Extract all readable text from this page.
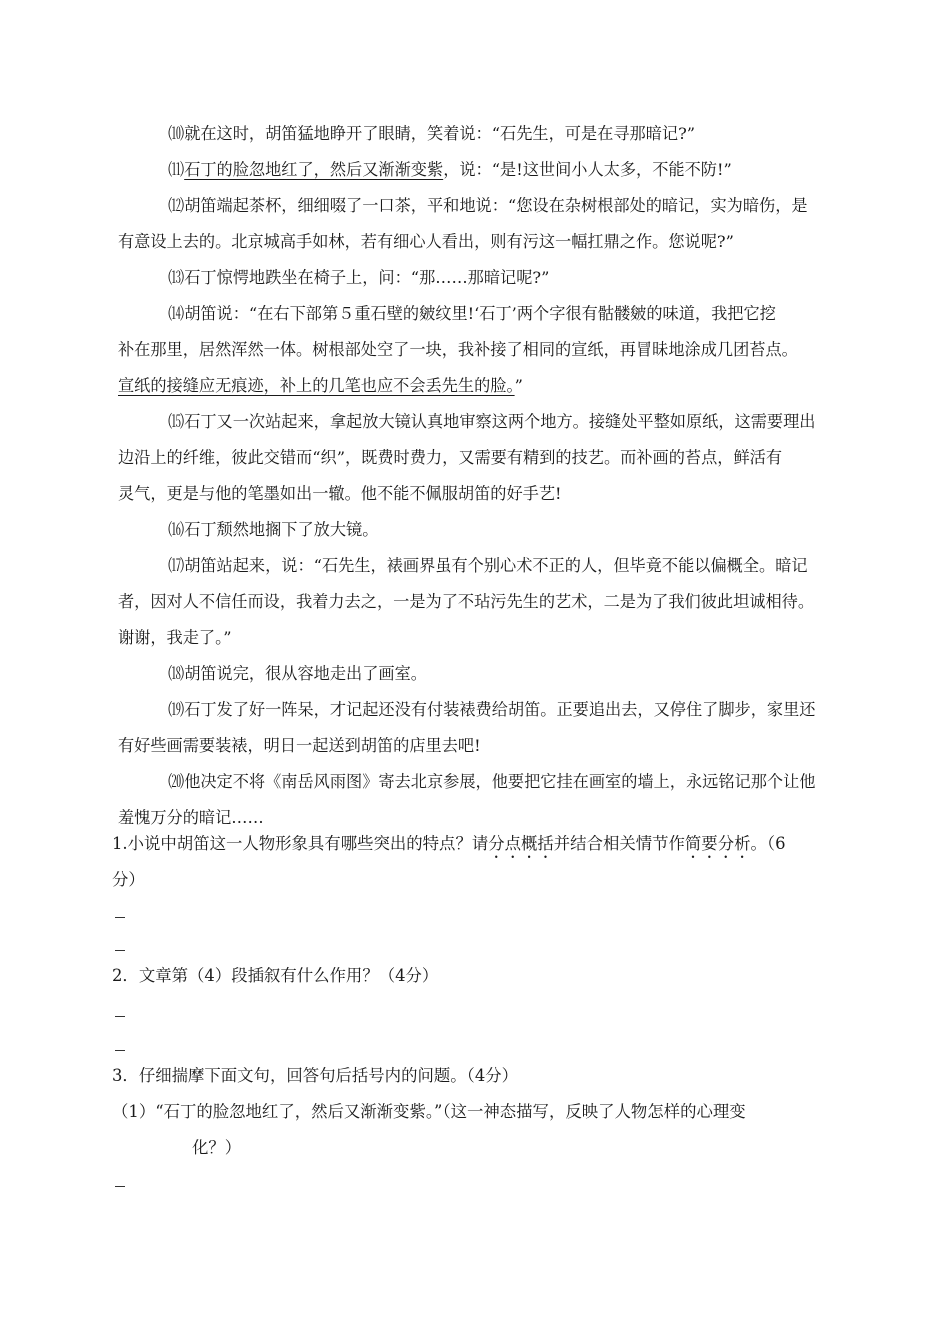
⑽就在这时，胡笛猛地睁开了眼睛，笑着说：“石先生，可是在寻那暗记?”
⑾石丁的脸忽地红了，然后又渐渐变紫，说：“是!这世间小人太多，不能不防!”
⑿胡笛端起茶杯，细细啜了一口茶，平和地说：“您设在杂树根部处的暗记，实为暗伤，是
有意设上去的。北京城高手如林，若有细心人看出，则有污这一幅扛鼎之作。您说呢?”
⒀石丁惊愕地跌坐在椅子上，问：“那……那暗记呢?”
⒁胡笛说：“在右下部第５重石壁的皴纹里!‘石丁’两个字很有骷髅皴的味道，我把它挖
补在那里，居然浑然一体。树根部处空了一块，我补接了相同的宣纸，再冒昧地涂成几团苔点。
宣纸的接缝应无痕迹，补上的几笔也应不会丢先生的脸。”
⒂石丁又一次站起来，拿起放大镜认真地审察这两个地方。接缝处平整如原纸，这需要理出
边沿上的纤维，彼此交错而“织”，既费时费力，又需要有精到的技艺。而补画的苔点，鲜活有
灵气，更是与他的笔墨如出一辙。他不能不佩服胡笛的好手艺!
⒃石丁颓然地搁下了放大镜。
⒄胡笛站起来，说：“石先生，裱画界虽有个别心术不正的人，但毕竟不能以偏概全。暗记
者，因对人不信任而设，我着力去之，一是为了不玷污先生的艺术，二是为了我们彼此坦诚相待。
谢谢，我走了。”
⒅胡笛说完，很从容地走出了画室。
⒆石丁发了好一阵呆，才记起还没有付装裱费给胡笛。正要追出去，又停住了脚步，家里还
有好些画需要装裱，明日一起送到胡笛的店里去吧!
⒇他决定不将《南岳风雨图》寄去北京参展，他要把它挂在画室的墙上，永远铭记那个让他
羞愧万分的暗记……
1.小说中胡笛这一人物形象具有哪些突出的特点？请分点概括并结合相关情节作简要分析。（6
分）
2．文章第（4）段插叙有什么作用？（4分）
3．仔细揣摩下面文句，回答句后括号内的问题。（4分）
（1）“石丁的脸忽地红了，然后又渐渐变紫。”（这一神态描写，反映了人物怎样的心理变
化？）
